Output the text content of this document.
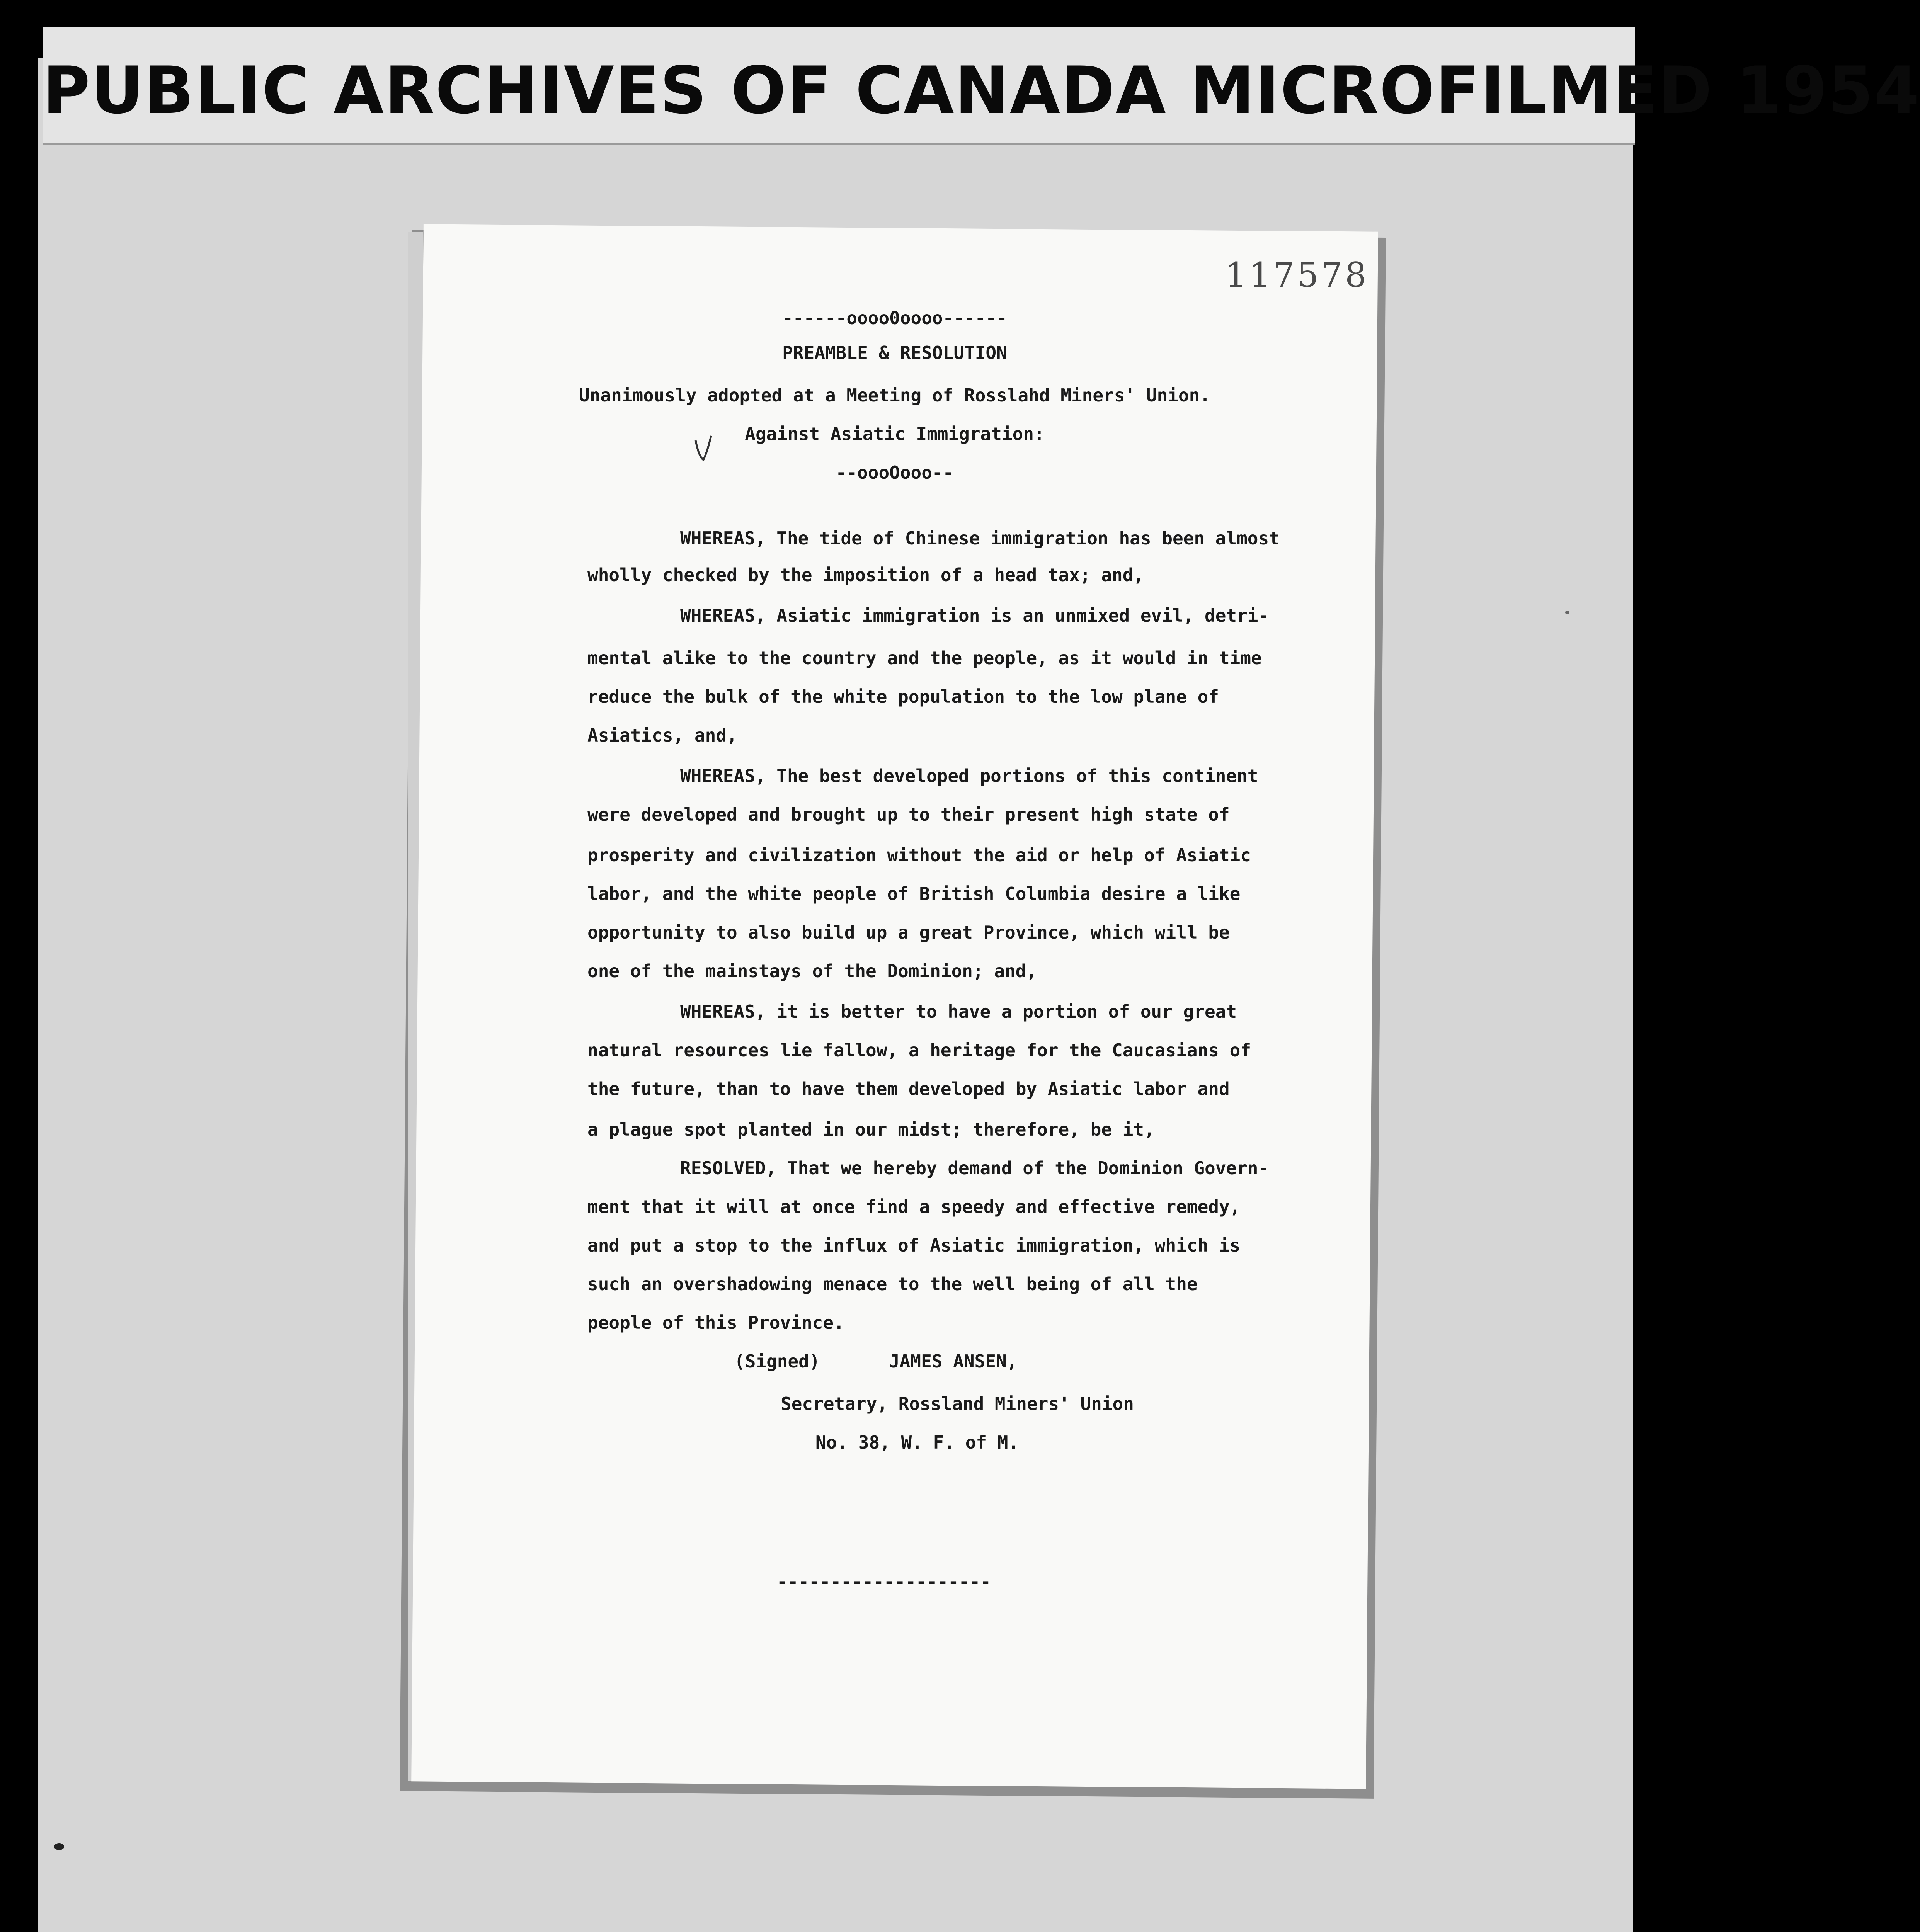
PUBLIC ARCHIVES OF CANADA MICROFILMED 1954
117578
------oooo0oooo------
PREAMBLE & RESOLUTION
Unanimously adopted at a Meeting of Rosslahd Miners' Union.
Against Asiatic Immigration:
--oooOooo--
WHEREAS, The tide of Chinese immigration has been almost
wholly checked by the imposition of a head tax; and,
WHEREAS, Asiatic immigration is an unmixed evil, detri-
mental alike to the country and the people, as it would in time
reduce the bulk of the white population to the low plane of
Asiatics, and,
WHEREAS, The best developed portions of this continent
were developed and brought up to their present high state of
prosperity and civilization without the aid or help of Asiatic
labor, and the white people of British Columbia desire a like
opportunity to also build up a great Province, which will be
one of the mainstays of the Dominion; and,
WHEREAS, it is better to have a portion of our great
natural resources lie fallow, a heritage for the Caucasians of
the future, than to have them developed by Asiatic labor and
a plague spot planted in our midst; therefore, be it,
RESOLVED, That we hereby demand of the Dominion Govern-
ment that it will at once find a speedy and effective remedy,
and put a stop to the influx of Asiatic immigration, which is
such an overshadowing menace to the well being of all the
people of this Province.
(Signed)	JAMES ANSEN,
Secretary, Rossland Miners' Union
No. 38, W. F. of M.
--------------------
